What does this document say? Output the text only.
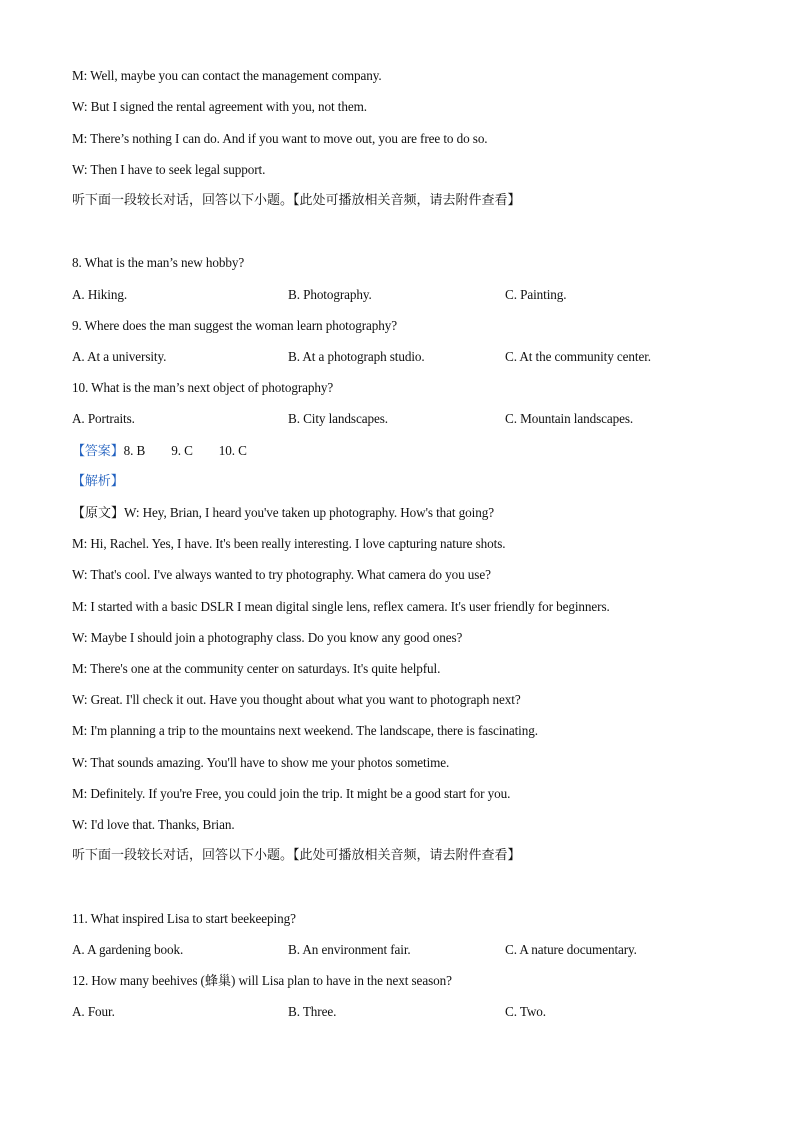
M: Well, maybe you can contact the management company.
W: But I signed the rental agreement with you, not them.
M: There’s nothing I can do. And if you want to move out, you are free to do so.
W: Then I have to seek legal support.
听下面一段较长对话，回答以下小题。【此处可播放相关音频，请去附件查看】
8. What is the man’s new hobby?
A. Hiking.	B. Photography.	C. Painting.
9. Where does the man suggest the woman learn photography?
A. At a university.	B. At a photograph studio.	C. At the community center.
10. What is the man’s next object of photography?
A. Portraits.	B. City landscapes.	C. Mountain landscapes.
【答案】8. B 9. C 10. C
【解析】
【原文】W: Hey, Brian, I heard you've taken up photography. How's that going?
M: Hi, Rachel. Yes, I have. It's been really interesting. I love capturing nature shots.
W: That's cool. I've always wanted to try photography. What camera do you use?
M: I started with a basic DSLR I mean digital single lens, reflex camera. It's user friendly for beginners.
W: Maybe I should join a photography class. Do you know any good ones?
M: There's one at the community center on saturdays. It's quite helpful.
W: Great. I'll check it out. Have you thought about what you want to photograph next?
M: I'm planning a trip to the mountains next weekend. The landscape, there is fascinating.
W: That sounds amazing. You'll have to show me your photos sometime.
M: Definitely. If you're Free, you could join the trip. It might be a good start for you.
W: I'd love that. Thanks, Brian.
听下面一段较长对话，回答以下小题。【此处可播放相关音频，请去附件查看】
11. What inspired Lisa to start beekeeping?
A. A gardening book.	B. An environment fair.	C. A nature documentary.
12. How many beehives (蜂巢) will Lisa plan to have in the next season?
A. Four.	B. Three.	C. Two.
